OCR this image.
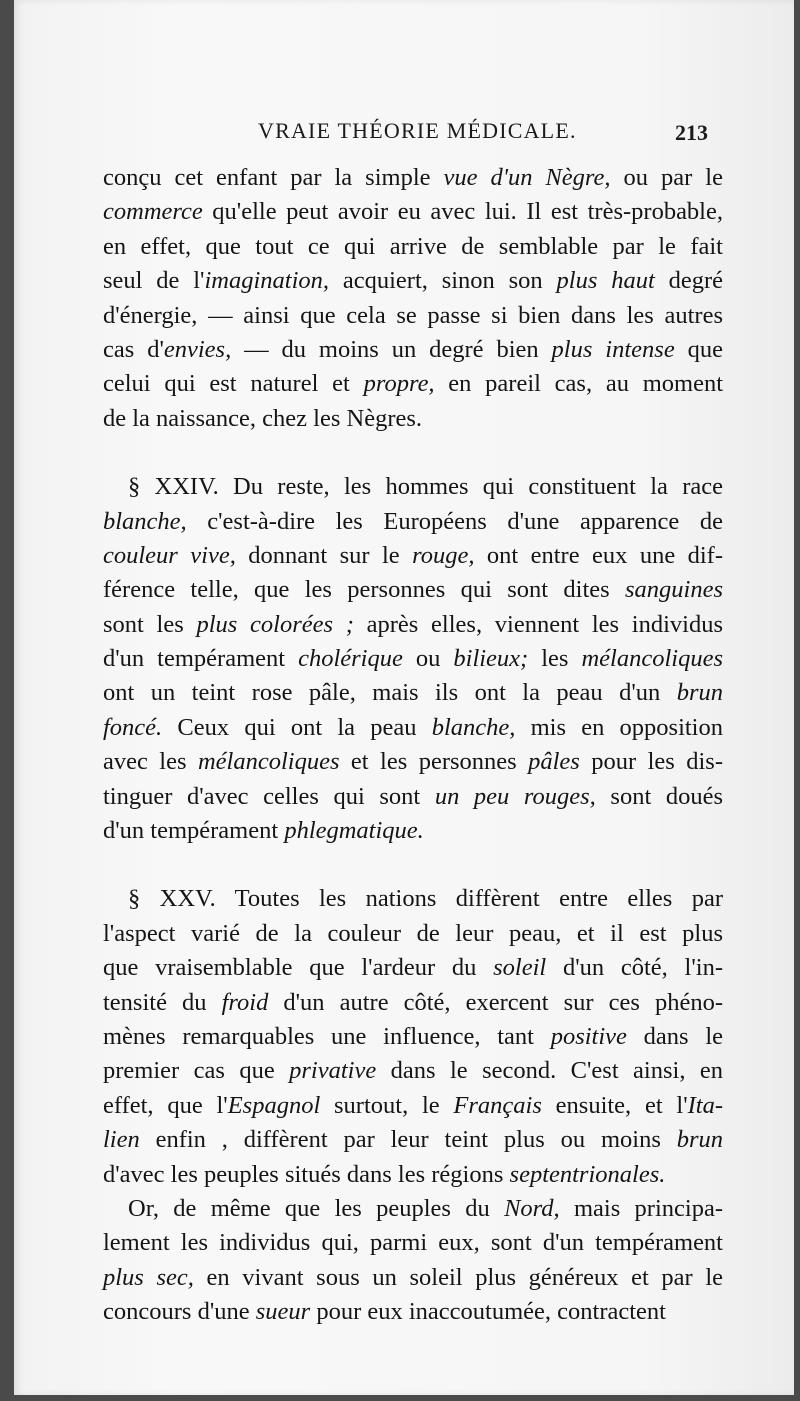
VRAIE THÉORIE MÉDICALE.	213
conçu cet enfant par la simple vue d'un Nègre, ou par le
commerce qu'elle peut avoir eu avec lui. Il est très-probable,
en effet, que tout ce qui arrive de semblable par le fait
seul de l'imagination, acquiert, sinon son plus haut degré
d'énergie, — ainsi que cela se passe si bien dans les autres
cas d'envies, — du moins un degré bien plus intense que
celui qui est naturel et propre, en pareil cas, au moment
de la naissance, chez les Nègres.
§ XXIV. Du reste, les hommes qui constituent la race
blanche, c'est-à-dire les Européens d'une apparence de
couleur vive, donnant sur le rouge, ont entre eux une dif-
férence telle, que les personnes qui sont dites sanguines
sont les plus colorées ; après elles, viennent les individus
d'un tempérament cholérique ou bilieux; les mélancoliques
ont un teint rose pâle, mais ils ont la peau d'un brun
foncé. Ceux qui ont la peau blanche, mis en opposition
avec les mélancoliques et les personnes pâles pour les dis-
tinguer d'avec celles qui sont un peu rouges, sont doués
d'un tempérament phlegmatique.
§ XXV. Toutes les nations diffèrent entre elles par
l'aspect varié de la couleur de leur peau, et il est plus
que vraisemblable que l'ardeur du soleil d'un côté, l'in-
tensité du froid d'un autre côté, exercent sur ces phéno-
mènes remarquables une influence, tant positive dans le
premier cas que privative dans le second. C'est ainsi, en
effet, que l'Espagnol surtout, le Français ensuite, et l'Ita-
lien enfin , diffèrent par leur teint plus ou moins brun
d'avec les peuples situés dans les régions septentrionales.
Or, de même que les peuples du Nord, mais principa-
lement les individus qui, parmi eux, sont d'un tempérament
plus sec, en vivant sous un soleil plus généreux et par le
concours d'une sueur pour eux inaccoutumée, contractent
